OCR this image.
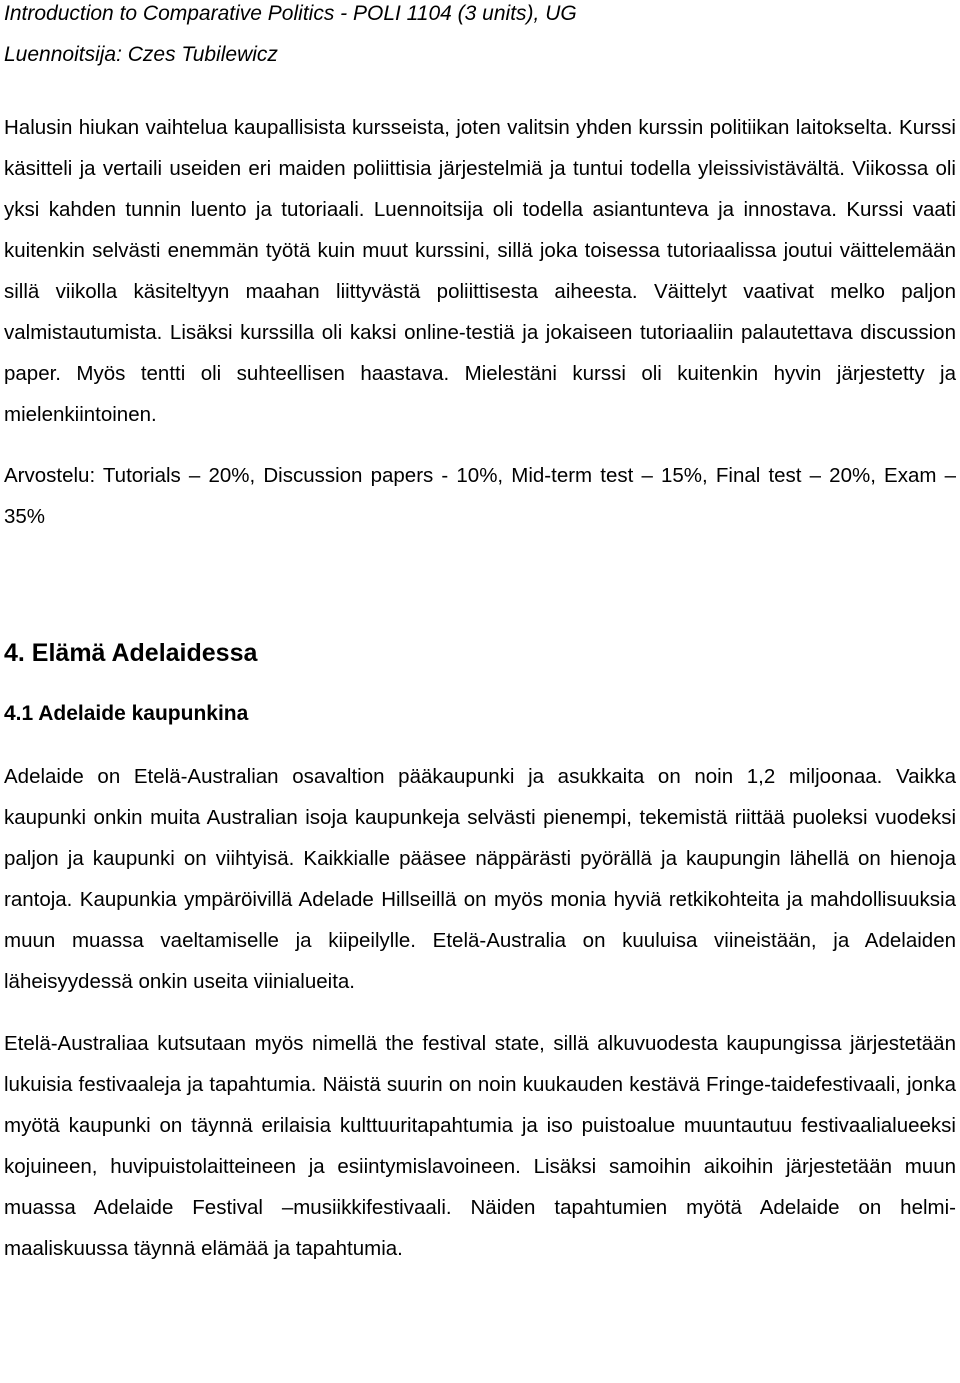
Introduction to Comparative Politics - POLI 1104 (3 units), UG
Luennoitsija: Czes Tubilewicz

Halusin hiukan vaihtelua kaupallisista kursseista, joten valitsin yhden kurssin politiikan laitokselta. Kurssi käsitteli ja vertaili useiden eri maiden poliittisia järjestelmiä ja tuntui todella yleissivistävältä. Viikossa oli yksi kahden tunnin luento ja tutoriaali. Luennoitsija oli todella asiantunteva ja innostava. Kurssi vaati kuitenkin selvästi enemmän työtä kuin muut kurssini, sillä joka toisessa tutoriaalissa joutui väittelemään sillä viikolla käsiteltyyn maahan liittyvästä poliittisesta aiheesta. Väittelyt vaativat melko paljon valmistautumista. Lisäksi kurssilla oli kaksi online-testiä ja jokaiseen tutoriaaliin palautettava discussion paper. Myös tentti oli suhteellisen haastava. Mielestäni kurssi oli kuitenkin hyvin järjestetty ja mielenkiintoinen.

Arvostelu: Tutorials – 20%, Discussion papers - 10%, Mid-term test – 15%, Final test – 20%, Exam – 35%

4. Elämä Adelaidessa
4.1 Adelaide kaupunkina

Adelaide on Etelä-Australian osavaltion pääkaupunki ja asukkaita on noin 1,2 miljoonaa. Vaikka kaupunki onkin muita Australian isoja kaupunkeja selvästi pienempi, tekemistä riittää puoleksi vuodeksi paljon ja kaupunki on viihtyisä. Kaikkialle pääsee näppärästi pyörällä ja kaupungin lähellä on hienoja rantoja. Kaupunkia ympäröivillä Adelade Hillseillä on myös monia hyviä retkikohteita ja mahdollisuuksia muun muassa vaeltamiselle ja kiipeilylle. Etelä-Australia on kuuluisa viineistään, ja Adelaiden läheisyydessä onkin useita viinialueita.

Etelä-Australiaa kutsutaan myös nimellä the festival state, sillä alkuvuodesta kaupungissa järjestetään lukuisia festivaaleja ja tapahtumia. Näistä suurin on noin kuukauden kestävä Fringe-taidefestivaali, jonka myötä kaupunki on täynnä erilaisia kulttuuritapahtumia ja iso puistoalue muuntautuu festivaalialueeksi kojuineen, huvipuistolaitteineen ja esiintymislavoineen. Lisäksi samoihin aikoihin järjestetään muun muassa Adelaide Festival –musiikkifestivaali. Näiden tapahtumien myötä Adelaide on helmi-maaliskuussa täynnä elämää ja tapahtumia.
